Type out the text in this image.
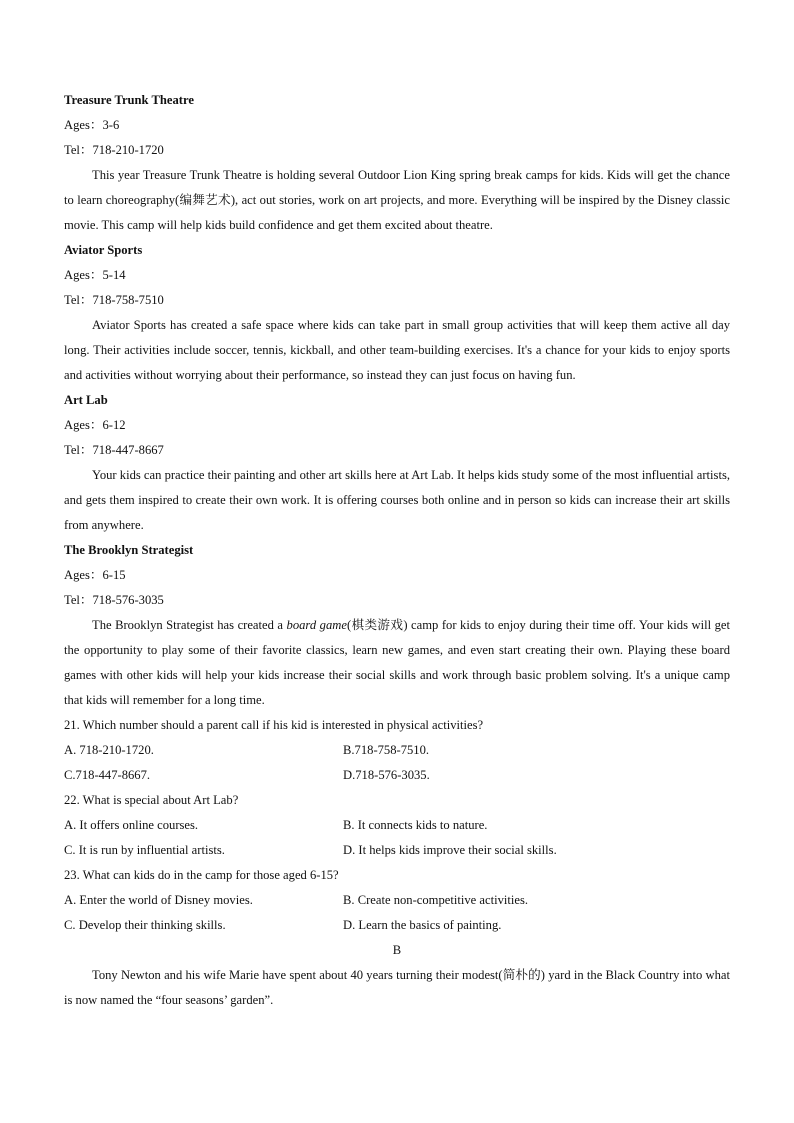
Treasure Trunk Theatre
Ages：3-6
Tel：718-210-1720

This year Treasure Trunk Theatre is holding several Outdoor Lion King spring break camps for kids. Kids will get the chance to learn choreography(编舞艺术), act out stories, work on art projects, and more. Everything will be inspired by the Disney classic movie. This camp will help kids build confidence and get them excited about theatre.

Aviator Sports
Ages：5-14
Tel：718-758-7510

Aviator Sports has created a safe space where kids can take part in small group activities that will keep them active all day long. Their activities include soccer, tennis, kickball, and other team-building exercises. It's a chance for your kids to enjoy sports and activities without worrying about their performance, so instead they can just focus on having fun.

Art Lab
Ages：6-12
Tel：718-447-8667

Your kids can practice their painting and other art skills here at Art Lab. It helps kids study some of the most influential artists, and gets them inspired to create their own work. It is offering courses both online and in person so kids can increase their art skills from anywhere.

The Brooklyn Strategist
Ages：6-15
Tel：718-576-3035

The Brooklyn Strategist has created a board game(棋类游戏) camp for kids to enjoy during their time off. Your kids will get the opportunity to play some of their favorite classics, learn new games, and even start creating their own. Playing these board games with other kids will help your kids increase their social skills and work through basic problem solving. It's a unique camp that kids will remember for a long time.

21. Which number should a parent call if his kid is interested in physical activities?
A. 718-210-1720.	B.718-758-7510.
C.718-447-8667.	D.718-576-3035.
22. What is special about Art Lab?
A. It offers online courses.	B. It connects kids to nature.
C. It is run by influential artists.	D. It helps kids improve their social skills.
23. What can kids do in the camp for those aged 6-15?
A. Enter the world of Disney movies.	B. Create non-competitive activities.
C. Develop their thinking skills.	D. Learn the basics of painting.
B

Tony Newton and his wife Marie have spent about 40 years turning their modest(简朴的) yard in the Black Country into what is now named the “four seasons’ garden”.
